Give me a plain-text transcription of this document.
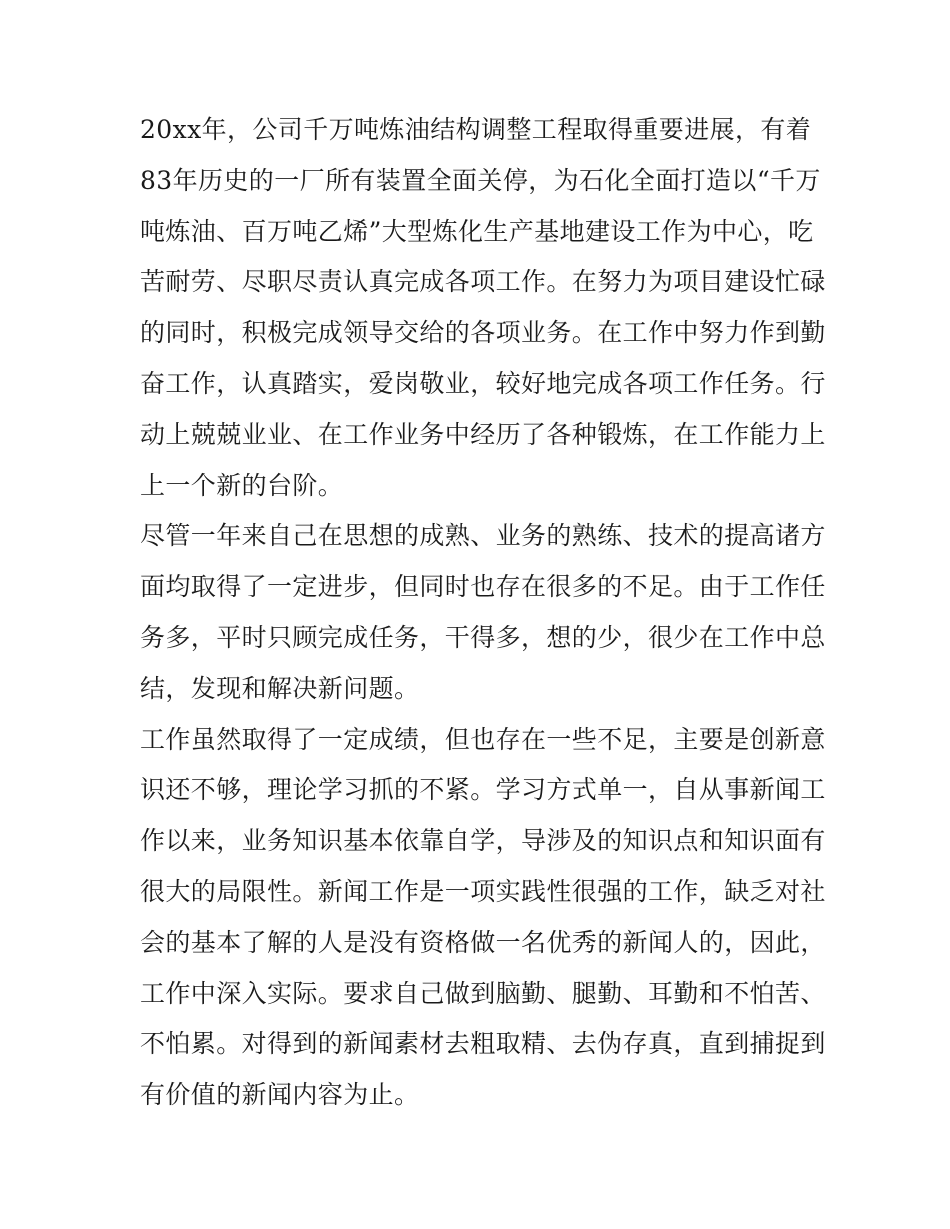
20xx年，公司千万吨炼油结构调整工程取得重要进展，有着
83年历史的一厂所有装置全面关停，为石化全面打造以“千万
吨炼油、百万吨乙烯”大型炼化生产基地建设工作为中心，吃
苦耐劳、尽职尽责认真完成各项工作。在努力为项目建设忙碌
的同时，积极完成领导交给的各项业务。在工作中努力作到勤
奋工作，认真踏实，爱岗敬业，较好地完成各项工作任务。行
动上兢兢业业、在工作业务中经历了各种锻炼，在工作能力上
上一个新的台阶。

尽管一年来自己在思想的成熟、业务的熟练、技术的提高诸方
面均取得了一定进步，但同时也存在很多的不足。由于工作任
务多，平时只顾完成任务，干得多，想的少，很少在工作中总
结，发现和解决新问题。

工作虽然取得了一定成绩，但也存在一些不足，主要是创新意
识还不够，理论学习抓的不紧。学习方式单一，自从事新闻工
作以来，业务知识基本依靠自学，导涉及的知识点和知识面有
很大的局限性。新闻工作是一项实践性很强的工作，缺乏对社
会的基本了解的人是没有资格做一名优秀的新闻人的，因此，
工作中深入实际。要求自己做到脑勤、腿勤、耳勤和不怕苦、
不怕累。对得到的新闻素材去粗取精、去伪存真，直到捕捉到
有价值的新闻内容为止。
